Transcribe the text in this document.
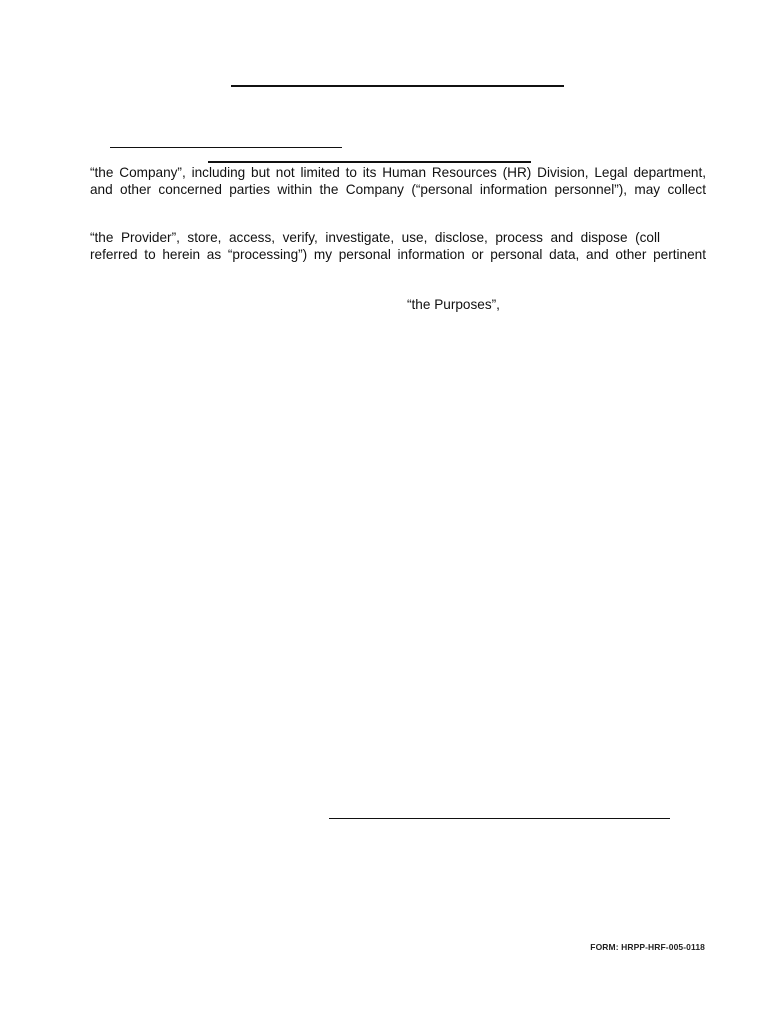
“the Company”, including but not limited to its Human Resources (HR) Division, Legal department,
and other concerned parties within the Company (“personal information personnel”), may collect

“the Provider”, store, access, verify, investigate, use, disclose, process and dispose (coll
referred to herein as “processing”) my personal information or personal data, and other pertinent

“the Purposes”,
FORM: HRPP-HRF-005-0118
